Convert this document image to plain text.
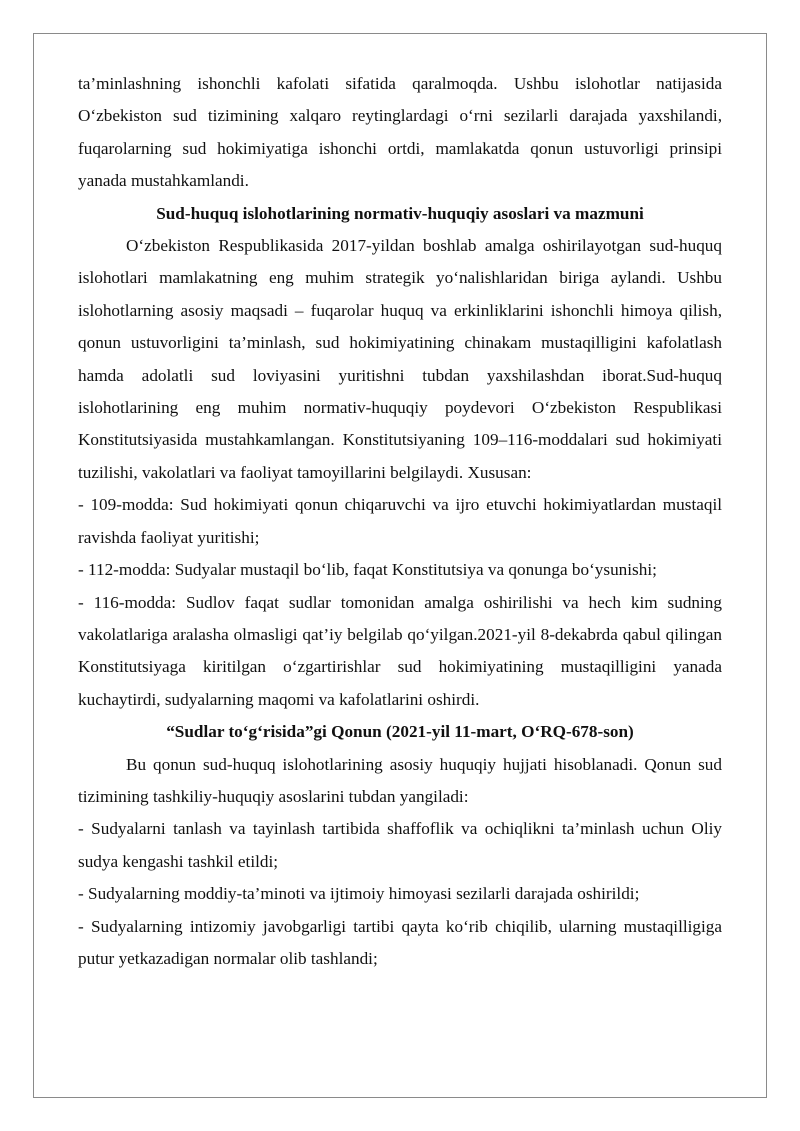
ta’minlashning ishonchli kafolati sifatida qaralmoqda. Ushbu islohotlar natijasida O‘zbekiston sud tizimining xalqaro reytinglardagi o‘rni sezilarli darajada yaxshilandi, fuqarolarning sud hokimiyatiga ishonchi ortdi, mamlakatda qonun ustuvorligi prinsipi yanada mustahkamlandi.

Sud-huquq islohotlarining normativ-huquqiy asoslari va mazmuni

O‘zbekiston Respublikasida 2017-yildan boshlab amalga oshirilayotgan sud-huquq islohotlari mamlakatning eng muhim strategik yo‘nalishlaridan biriga aylandi. Ushbu islohotlarning asosiy maqsadi – fuqarolar huquq va erkinliklarini ishonchli himoya qilish, qonun ustuvorligini ta’minlash, sud hokimiyatining chinakam mustaqilligini kafolatlash hamda adolatli sud loviyasini yuritishni tubdan yaxshilashdan iborat.Sud-huquq islohotlarining eng muhim normativ-huquqiy poydevori O‘zbekiston Respublikasi Konstitutsiyasida mustahkamlangan. Konstitutsiyaning 109–116-moddalari sud hokimiyati tuzilishi, vakolatlari va faoliyat tamoyillarini belgilaydi. Xususan:

- 109-modda: Sud hokimiyati qonun chiqaruvchi va ijro etuvchi hokimiyatlardan mustaqil ravishda faoliyat yuritishi;
- 112-modda: Sudyalar mustaqil bo‘lib, faqat Konstitutsiya va qonunga bo‘ysunishi;
- 116-modda: Sudlov faqat sudlar tomonidan amalga oshirilishi va hech kim sudning vakolatlariga aralasha olmasligi qat’iy belgilab qo‘yilgan.2021-yil 8-dekabrda qabul qilingan Konstitutsiyaga kiritilgan o‘zgartirishlar sud hokimiyatining mustaqilligini yanada kuchaytirdi, sudyalarning maqomi va kafolatlarini oshirdi.
“Sudlar to‘g‘risida”gi Qonun (2021-yil 11-mart, O‘RQ-678-son)

Bu qonun sud-huquq islohotlarining asosiy huquqiy hujjati hisoblanadi. Qonun sud tizimining tashkiliy-huquqiy asoslarini tubdan yangiladi:

- Sudyalarni tanlash va tayinlash tartibida shaffoflik va ochiqlikni ta’minlash uchun Oliy sudya kengashi tashkil etildi;
- Sudyalarning moddiy-ta’minoti va ijtimoiy himoyasi sezilarli darajada oshirildi;
- Sudyalarning intizomiy javobgarligi tartibi qayta ko‘rib chiqilib, ularning mustaqilligiga putur yetkazadigan normalar olib tashlandi;
